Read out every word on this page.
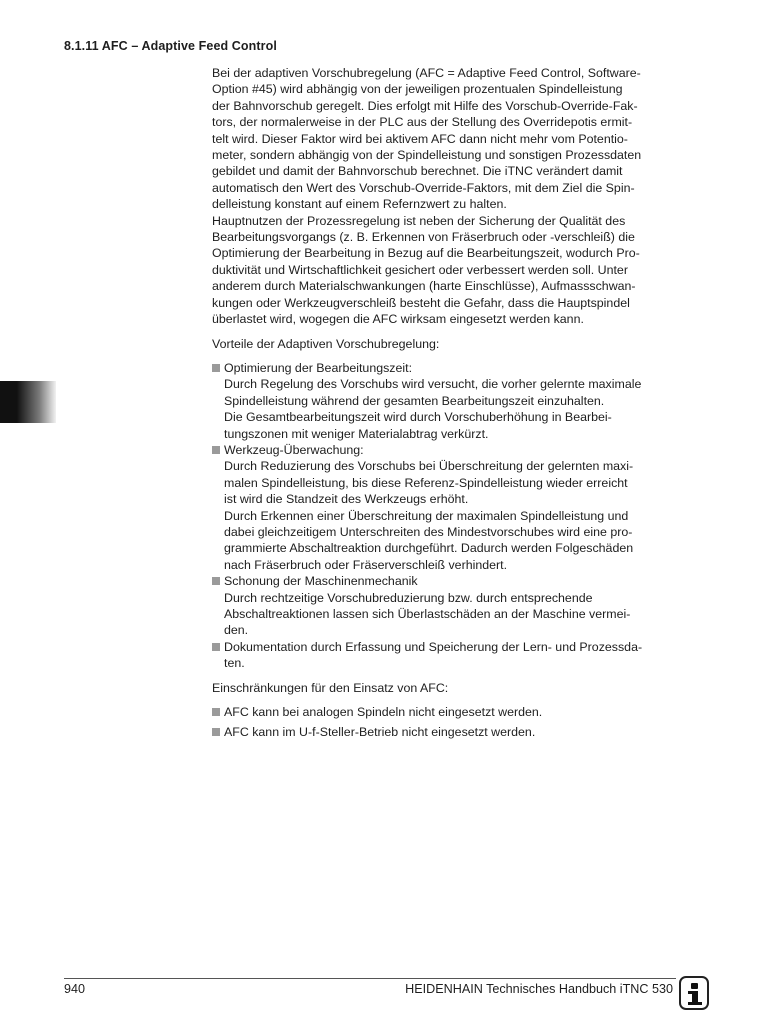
8.1.11 AFC – Adaptive Feed Control
Bei der adaptiven Vorschubregelung (AFC = Adaptive Feed Control, Software-
Option #45) wird abhängig von der jeweiligen prozentualen Spindelleistung
der Bahnvorschub geregelt. Dies erfolgt mit Hilfe des Vorschub-Override-Fak-
tors, der normalerweise in der PLC aus der Stellung des Overridepotis ermit-
telt wird. Dieser Faktor wird bei aktivem AFC dann nicht mehr vom Potentio-
meter, sondern abhängig von der Spindelleistung und sonstigen Prozessdaten
gebildet und damit der Bahnvorschub berechnet. Die iTNC verändert damit
automatisch den Wert des Vorschub-Override-Faktors, mit dem Ziel die Spin-
delleistung konstant auf einem Refernzwert zu halten.
Hauptnutzen der Prozessregelung ist neben der Sicherung der Qualität des
Bearbeitungsvorgangs (z. B. Erkennen von Fräserbruch oder -verschleiß) die
Optimierung der Bearbeitung in Bezug auf die Bearbeitungszeit, wodurch Pro-
duktivität und Wirtschaftlichkeit gesichert oder verbessert werden soll. Unter
anderem durch Materialschwankungen (harte Einschlüsse), Aufmassschwan-
kungen oder Werkzeugverschleiß besteht die Gefahr, dass die Hauptspindel
überlastet wird, wogegen die AFC wirksam eingesetzt werden kann.
Vorteile der Adaptiven Vorschubregelung:
Optimierung der Bearbeitungszeit:
Durch Regelung des Vorschubs wird versucht, die vorher gelernte maximale
Spindelleistung während der gesamten Bearbeitungszeit einzuhalten.
Die Gesamtbearbeitungszeit wird durch Vorschuberhöhung in Bearbei-
tungszonen mit weniger Materialabtrag verkürzt.
Werkzeug-Überwachung:
Durch Reduzierung des Vorschubs bei Überschreitung der gelernten maxi-
malen Spindelleistung, bis diese Referenz-Spindelleistung wieder erreicht
ist wird die Standzeit des Werkzeugs erhöht.
Durch Erkennen einer Überschreitung der maximalen Spindelleistung und
dabei gleichzeitigem Unterschreiten des Mindestvorschubes wird eine pro-
grammierte Abschaltreaktion durchgeführt. Dadurch werden Folgeschäden
nach Fräserbruch oder Fräserverschleiß verhindert.
Schonung der Maschinenmechanik
Durch rechtzeitige Vorschubreduzierung bzw. durch entsprechende
Abschaltreaktionen lassen sich Überlastschäden an der Maschine vermei-
den.
Dokumentation durch Erfassung und Speicherung der Lern- und Prozessda-
ten.
Einschränkungen für den Einsatz von AFC:
AFC kann bei analogen Spindeln nicht eingesetzt werden.
AFC kann im U-f-Steller-Betrieb nicht eingesetzt werden.
940	HEIDENHAIN Technisches Handbuch iTNC 530
